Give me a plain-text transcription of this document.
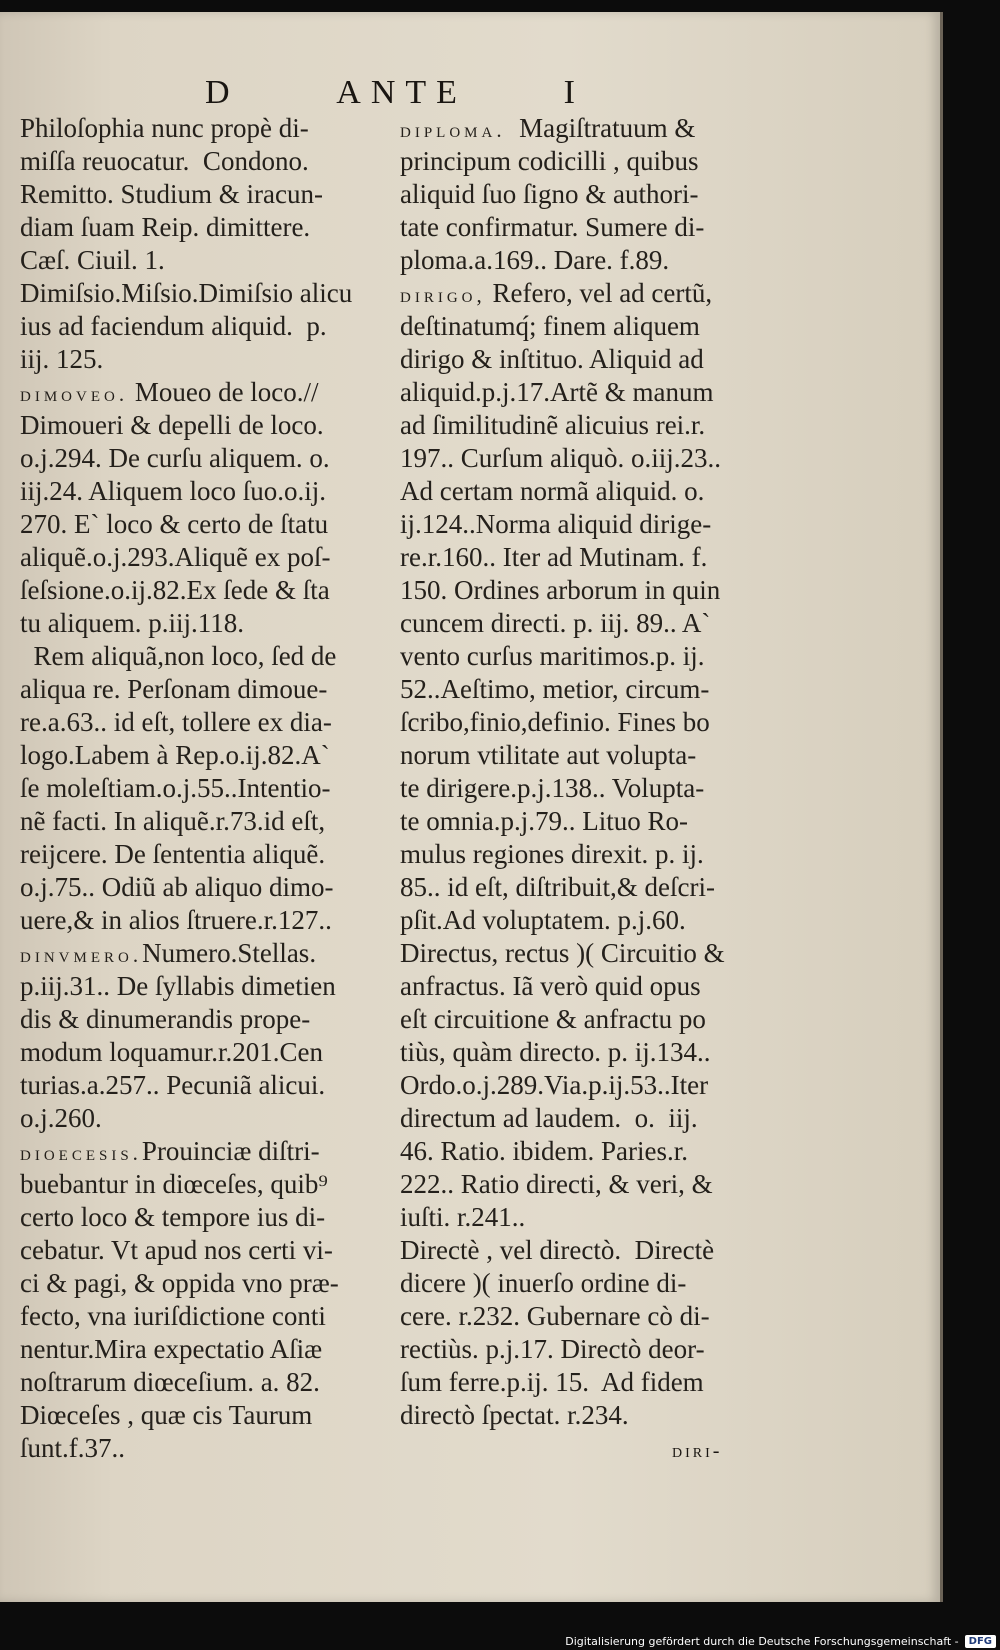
D	ANTE	I
Philoſophia nunc propè di-
miſſa reuocatur.  Condono.
Remitto. Studium & iracun-
diam ſuam Reip. dimittere.
Cæſ. Ciuil. 1.
Dimiſsio.Miſsio.Dimiſsio alicu
ius ad faciendum aliquid.  p.
iij. 125.
dimoveo. Moueo de loco.//
Dimoueri & depelli de loco.
o.j.294. De curſu aliquem. o.
iij.24. Aliquem loco ſuo.o.ij.
270. E` loco & certo de ſtatu
aliquẽ.o.j.293.Aliquẽ ex poſ-
ſeſsione.o.ij.82.Ex ſede & ſta
tu aliquem. p.iij.118.
Rem aliquã,non loco, ſed de
aliqua re. Perſonam dimoue-
re.a.63.. id eſt, tollere ex dia-
logo.Labem à Rep.o.ij.82.A`
ſe moleſtiam.o.j.55..Intentio-
nẽ facti. In aliquẽ.r.73.id eſt,
reijcere. De ſententia aliquẽ.
o.j.75.. Odiũ ab aliquo dimo-
uere,& in alios ſtruere.r.127..
dinvmero.Numero.Stellas.
p.iij.31.. De ſyllabis dimetien
dis & dinumerandis prope-
modum loquamur.r.201.Cen
turias.a.257.. Pecuniã alicui.
o.j.260.
dioecesis.Prouinciæ diſtri-
buebantur in diœceſes, quib⁹
certo loco & tempore ius di-
cebatur. Vt apud nos certi vi-
ci & pagi, & oppida vno præ-
fecto, vna iuriſdictione conti
nentur.Mira expectatio Aſiæ
noſtrarum diœceſium. a. 82.
Diœceſes , quæ cis Taurum
ſunt.f.37..
diploma.  Magiſtratuum &
principum codicilli , quibus
aliquid ſuo ſigno & authori-
tate confirmatur. Sumere di-
ploma.a.169.. Dare. f.89.
dirigo, Refero, vel ad certũ,
deſtinatumq́; finem aliquem
dirigo & inſtituo. Aliquid ad
aliquid.p.j.17.Artẽ & manum
ad ſimilitudinẽ alicuius rei.r.
197.. Curſum aliquò. o.iij.23..
Ad certam normã aliquid. o.
ij.124..Norma aliquid dirige-
re.r.160.. Iter ad Mutinam. f.
150. Ordines arborum in quin
cuncem directi. p. iij. 89.. A`
vento curſus maritimos.p. ij.
52..Aeſtimo, metior, circum-
ſcribo,finio,definio. Fines bo
norum vtilitate aut volupta-
te dirigere.p.j.138.. Volupta-
te omnia.p.j.79.. Lituo Ro-
mulus regiones direxit. p. ij.
85.. id eſt, diſtribuit,& deſcri-
pſit.Ad voluptatem. p.j.60.
Directus, rectus )( Circuitio &
anfractus. Iã verò quid opus
eſt circuitione & anfractu po
tiùs, quàm directo. p. ij.134..
Ordo.o.j.289.Via.p.ij.53..Iter
directum ad laudem.  o.  iij.
46. Ratio. ibidem. Paries.r.
222.. Ratio directi, & veri, &
iuſti. r.241..
Directè , vel directò.  Directè
dicere )( inuerſo ordine di-
cere. r.232. Gubernare cò di-
rectiùs. p.j.17. Directò deor-
ſum ferre.p.ij. 15.  Ad fidem
directò ſpectat. r.234.
diri-
Digitalisierung gefördert durch die Deutsche Forschungsgemeinschaft -	DFG
